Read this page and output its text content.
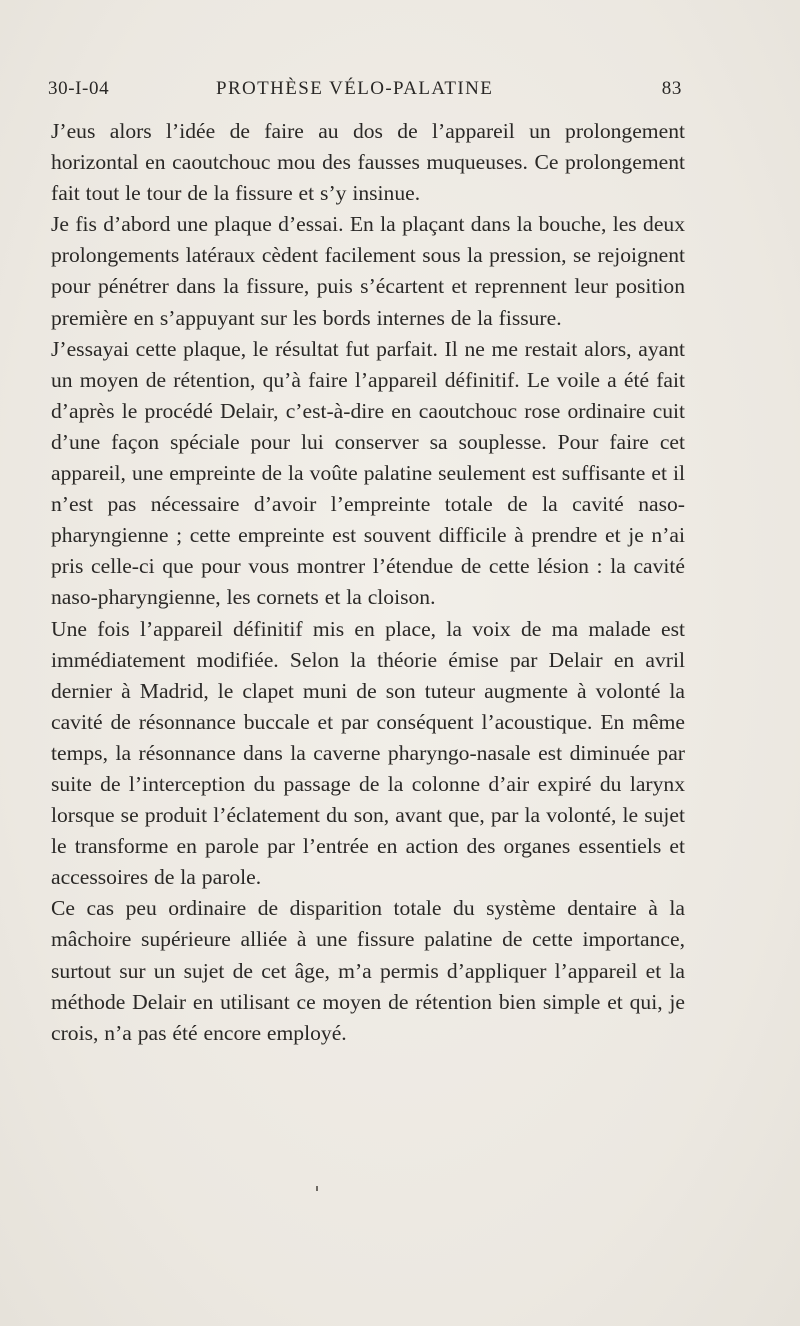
30-I-04	PROTHÈSE VÉLO-PALATINE	83

J’eus alors l’idée de faire au dos de l’appareil un prolongement horizontal en caoutchouc mou des fausses muqueuses. Ce prolongement fait tout le tour de la fissure et s’y insinue.

Je fis d’abord une plaque d’essai. En la plaçant dans la bouche, les deux prolongements latéraux cèdent facilement sous la pression, se rejoignent pour pénétrer dans la fissure, puis s’écartent et reprennent leur position première en s’appuyant sur les bords internes de la fissure.

J’essayai cette plaque, le résultat fut parfait. Il ne me restait alors, ayant un moyen de rétention, qu’à faire l’appareil définitif. Le voile a été fait d’après le procédé Delair, c’est-à-dire en caoutchouc rose ordinaire cuit d’une façon spéciale pour lui conserver sa souplesse. Pour faire cet appareil, une empreinte de la voûte palatine seulement est suffisante et il n’est pas nécessaire d’avoir l’empreinte totale de la cavité naso-pharyngienne ; cette empreinte est souvent difficile à prendre et je n’ai pris celle-ci que pour vous montrer l’étendue de cette lésion : la cavité naso-pharyngienne, les cornets et la cloison.

Une fois l’appareil définitif mis en place, la voix de ma malade est immédiatement modifiée. Selon la théorie émise par Delair en avril dernier à Madrid, le clapet muni de son tuteur augmente à volonté la cavité de résonnance buccale et par conséquent l’acoustique. En même temps, la résonnance dans la caverne pharyngo-nasale est diminuée par suite de l’interception du passage de la colonne d’air expiré du larynx lorsque se produit l’éclatement du son, avant que, par la volonté, le sujet le transforme en parole par l’entrée en action des organes essentiels et accessoires de la parole.

Ce cas peu ordinaire de disparition totale du système dentaire à la mâchoire supérieure alliée à une fissure palatine de cette importance, surtout sur un sujet de cet âge, m’a permis d’appliquer l’appareil et la méthode Delair en utilisant ce moyen de rétention bien simple et qui, je crois, n’a pas été encore employé.
